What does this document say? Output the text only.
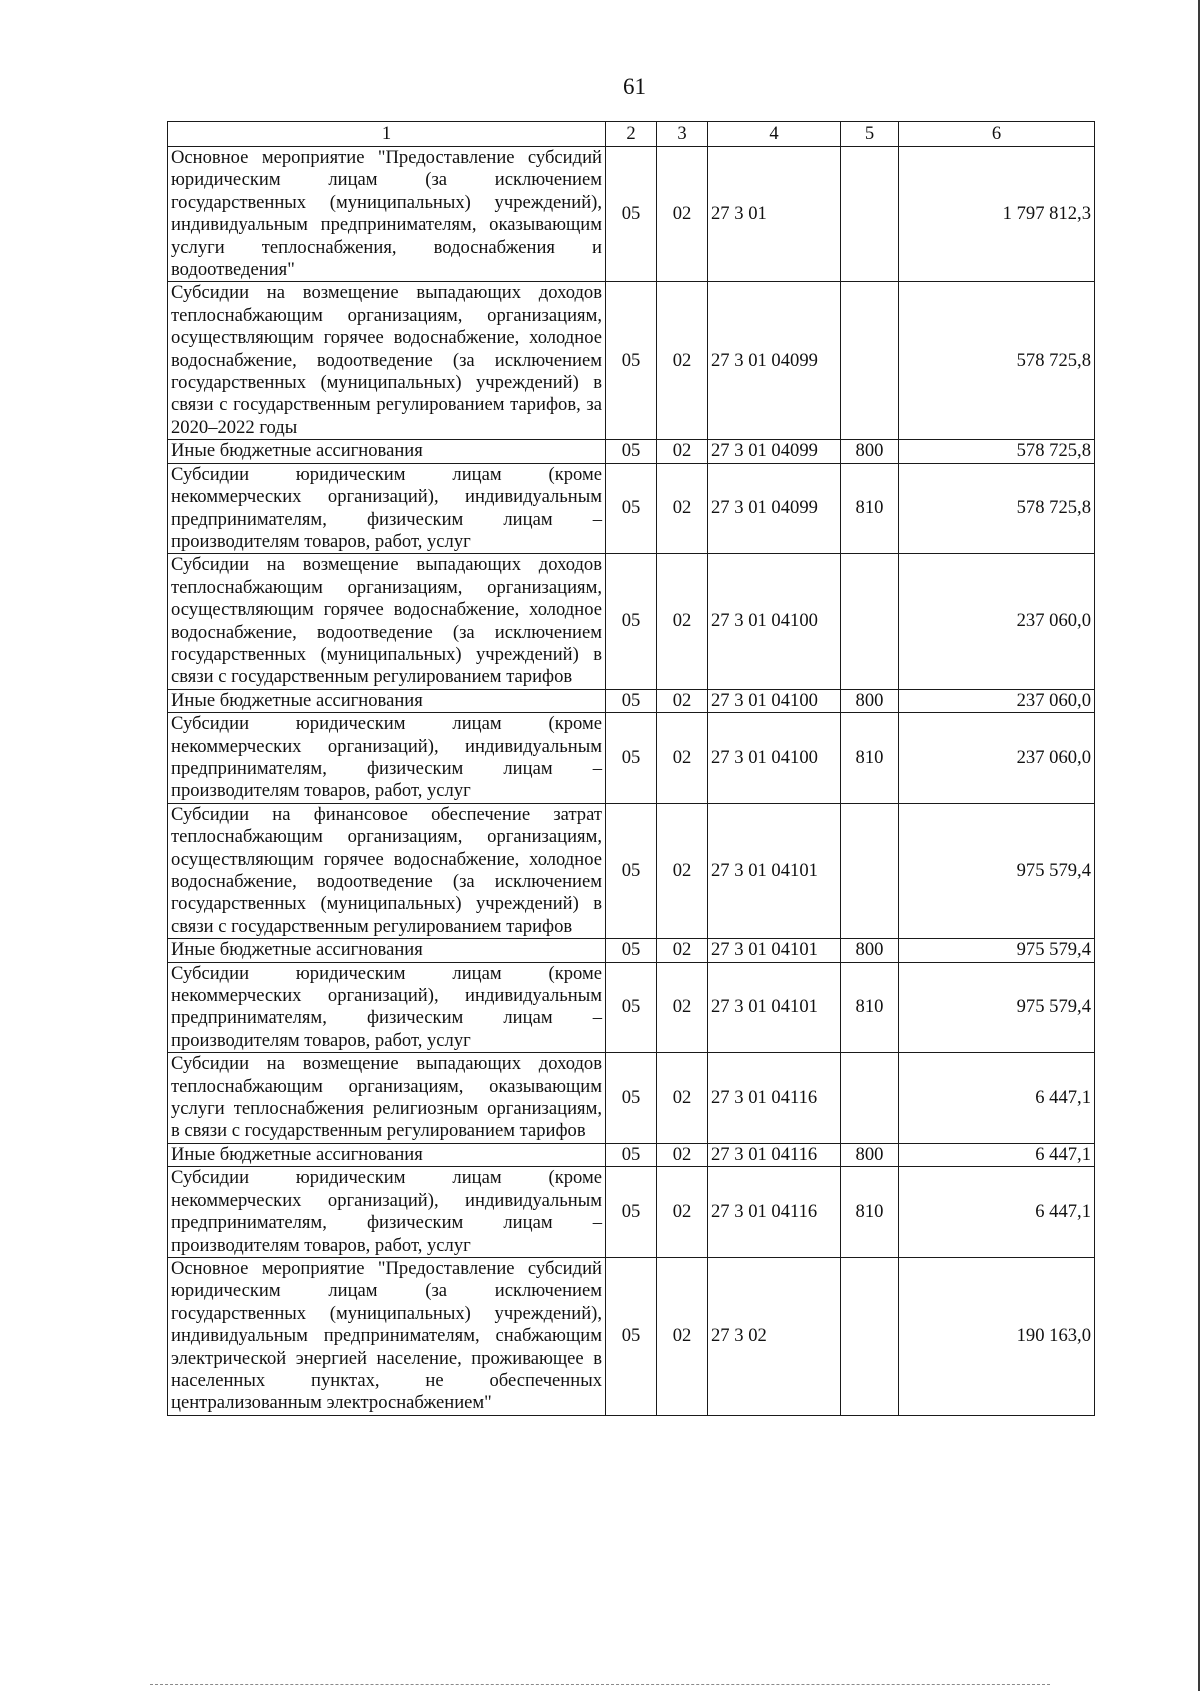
61
1	2	3	4	5	6
Основное мероприятие "Предоставление субсидий юридическим лицам (за исключением государственных (муниципальных) учреждений), индивидуальным предпринимателям, оказывающим услуги теплоснабжения, водоснабжения и водоотведения"	05	02	27 3 01		1 797 812,3
Субсидии на возмещение выпадающих доходов теплоснабжающим организациям, организациям, осуществляющим горячее водоснабжение, холодное водоснабжение, водоотведение (за исключением государственных (муниципальных) учреждений) в связи с государственным регулированием тарифов, за 2020–2022 годы	05	02	27 3 01 04099		578 725,8
Иные бюджетные ассигнования	05	02	27 3 01 04099	800	578 725,8
Субсидии юридическим лицам (кроме некоммерческих организаций), индивидуальным предпринимателям, физическим лицам – производителям товаров, работ, услуг	05	02	27 3 01 04099	810	578 725,8
Субсидии на возмещение выпадающих доходов теплоснабжающим организациям, организациям, осуществляющим горячее водоснабжение, холодное водоснабжение, водоотведение (за исключением государственных (муниципальных) учреждений) в связи с государственным регулированием тарифов	05	02	27 3 01 04100		237 060,0
Иные бюджетные ассигнования	05	02	27 3 01 04100	800	237 060,0
Субсидии юридическим лицам (кроме некоммерческих организаций), индивидуальным предпринимателям, физическим лицам – производителям товаров, работ, услуг	05	02	27 3 01 04100	810	237 060,0
Субсидии на финансовое обеспечение затрат теплоснабжающим организациям, организациям, осуществляющим горячее водоснабжение, холодное водоснабжение, водоотведение (за исключением государственных (муниципальных) учреждений) в связи с государственным регулированием тарифов	05	02	27 3 01 04101		975 579,4
Иные бюджетные ассигнования	05	02	27 3 01 04101	800	975 579,4
Субсидии юридическим лицам (кроме некоммерческих организаций), индивидуальным предпринимателям, физическим лицам – производителям товаров, работ, услуг	05	02	27 3 01 04101	810	975 579,4
Субсидии на возмещение выпадающих доходов теплоснабжающим организациям, оказывающим услуги теплоснабжения религиозным организациям, в связи с государственным регулированием тарифов	05	02	27 3 01 04116		6 447,1
Иные бюджетные ассигнования	05	02	27 3 01 04116	800	6 447,1
Субсидии юридическим лицам (кроме некоммерческих организаций), индивидуальным предпринимателям, физическим лицам – производителям товаров, работ, услуг	05	02	27 3 01 04116	810	6 447,1
Основное мероприятие "Предоставление субсидий юридическим лицам (за исключением государственных (муниципальных) учреждений), индивидуальным предпринимателям, снабжающим электрической энергией население, проживающее в населенных пунктах, не обеспеченных централизованным электроснабжением"	05	02	27 3 02		190 163,0
